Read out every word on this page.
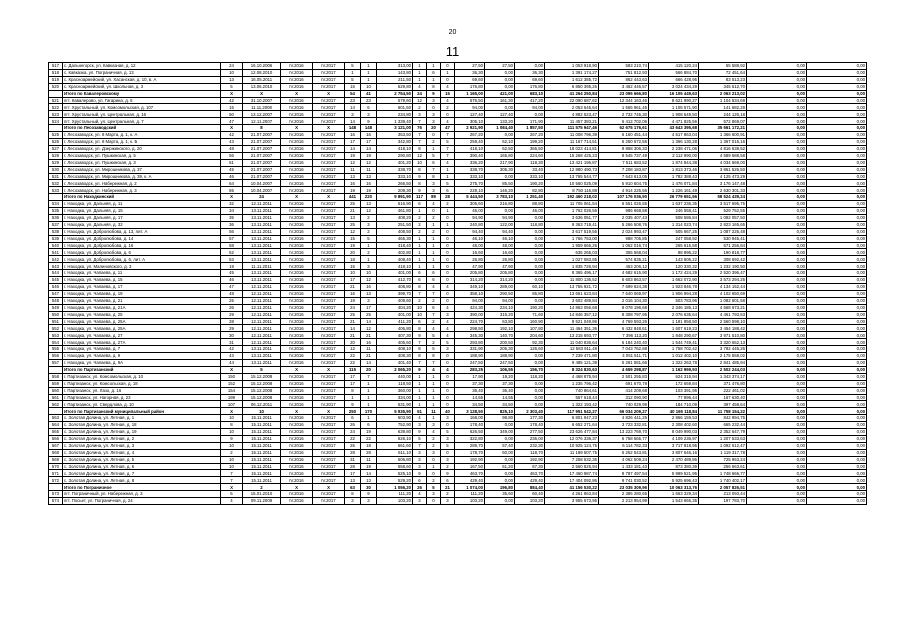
20
11
517	с. Дальнегорск, ул. Кавказная, д. 12	24	16.10.2006	IV.2016	IV.2017	5	1	313,00	1	1	0	27,50	27,50	0,00	1 053 918,90	583 210,74	415 120,24	55 588,92	0,00	0,00
518	с. Кавказка, ул. Пограничная, д. 13	10	12.08.2010	IV.2016	IV.2017	1	1	143,80	1	6	1	36,30	0,00	36,30	1 391 174,27	751 812,93	566 884,70	72 451,64	0,00	0,00
519	с. Красноармейский, ул. Хасанская, д. 10, в. А	13	16.05.2011	IV.2016	IV.2017	5	1	211,50	1	1	0	69,60	0,00	69,60	1 612 385,72	862 443,63	666 428,95	83 513,23	0,00	0,00
520	с. Красноармейский, ул. Школьная, д. 3	5	13.06.2010	IV.2016	IV.2017	15	10	529,80	4	8	4	176,80	0,00	176,80	6 850 395,26	3 462 446,57	3 024 434,29	345 512,70	0,00	0,00
	Итого по Кавалеровскому	X	X	X	X	54	41	2 754,50	24	9	15	1 165,00	421,00	683,10	41 264 250,84	23 095 666,80	16 105 449,63	2 063 213,02	0,00	0,00
521	пгт. Кавалерово, ул. Гагарина, д. 6	42	31.10.2007	IV.2016	IV.2017	23	23	579,60	12	3	4	576,50	161,30	417,20	22 090 687,62	12 344 163,46	8 621 990,27	1 104 534,69	0,00	0,00
522	пгт. Хрустальный, ул. Комсомольская, д. 107	15	11.11.2008	IV.2016	IV.2017	14	6	601,50	2	0	2	94,00	0,00	94,00	2 053 645,64	1 565 961,45	1 105 571,90	141 682,29	0,00	0,00
523	пгт. Хрустальный, ул. Центральная, д. 16	50	13.12.2007	IV.2016	IV.2017	3	3	234,80	3	3	0	127,40	127,40	0,00	4 882 523,47	2 732 745,30	1 908 649,50	244 126,18	0,00	0,00
524	пгт. Хрустальный, ул. Центральная, д. 7	47	12.11.2007	IV.2016	IV.2017	14	9	1 339,40	7	3	4	305,10	133,20	171,90	11 457 383,21	6 412 702,06	4 471 825,56	572 869,07	0,00	0,00
	Итого по Лесозаводский	X	8	X	X	148	148	3 121,00	76	20	47	2 921,90	1 084,40	1 857,50	111 575 947,46	62 675 176,61	43 643 395,68	35 661 172,21	0,00	0,00
525	г. Лесозаводск, ул. 8 Марта, д. 1, к. А	42	21.07.2007	IV.2016	IV.2017	16	16	353,50	7	0	7	267,20	0,00	267,20	11 008 796,39	6 160 451,44	4 517 863,04	1 366 600,91	0,00	0,00
526	г. Лесозаводск, ул. 8 Марта, д. 1, к. Б	43	21.07.2007	IV.2016	IV.2017	17	17	342,80	7	2	5	259,40	62,10	199,20	11 167 714,51	6 250 672,56	1 366 130,28	1 367 016,16	0,00	0,00
527	г. Лесозаводск, ул. Дзержинского, д. 20	48	21.07.2007	IV.2016	IV.2017	14	14	418,10	8	1	7	418,10	62,50	365,50	18 023 414,81	8 868 306,33	2 238 471,06	4 816 638,52	0,00	0,00
528	г. Лесозаводск, ул. Пушкинская, д. 5	56	21.07.2007	IV.2016	IV.2017	19	19	290,80	12	5	7	390,40	165,80	224,60	15 268 425,23	8 545 737,49	2 112 990,00	4 589 688,58	0,00	0,00
529	г. Лесозаводск, ул. Пушкинская, д. 3	51	21.07.2007	IV.2016	IV.2017	12	12	401,20	10	6	4	336,20	217,90	118,30	13 421 196,87	7 511 683,52	1 874 844,38	4 034 669,00	0,00	0,00
530	г. Лесозаводск, ул. Мирошникова, д. 37	45	21.07.2007	IV.2016	IV.2017	11	11	338,70	8	7	1	338,70	305,30	33,40	12 880 490,73	7 208 183,87	1 813 373,46	3 861 526,50	0,00	0,00
531	г. Лесозаводск, ул. Мирошникова, д. 39, к. А	46	21.07.2007	IV.2016	IV.2017	13	13	333,10	9	8	1	333,10	0,00	333,10	13 765 544,77	7 643 613,05	1 782 388,43	4 125 473,29	0,00	0,00
532	г. Лесозаводск, ул. Набережная, д. 2	64	10.04.2007	IV.2016	IV.2017	16	16	266,50	8	3	5	275,70	85,50	190,20	10 560 025,09	5 910 604,75	1 476 071,84	3 176 147,48	0,00	0,00
533	г. Лесозаводск, ул. Набережная, д. 3	65	10.04.2007	IV.2016	IV.2017	19	19	209,30	9	3	6	228,10	146,20	82,80	8 750 116,88	4 914 225,56	1 226 161,49	2 630 301,33	0,00	0,00
	Итого по Находкинский	X	24	X	X	441	220	9 891,90	117	89	28	5 444,50	3 783,10	1 251,40	192 460 218,02	107 176 036,90	26 779 651,56	58 524 439,24	0,00	0,00
534	г. Находка, ул. Дальняя, д. 11	32	12.11.2011	IV.2016	IV.2017	25	13	516,90	6	4	2	305,60	216,80	88,80	11 705 061,54	6 551 026,55	1 637 236,35	3 517 695,75	0,00	0,00
535	г. Находка, ул. Дальняя, д. 15	34	13.11.2011	IV.2016	IV.2017	21	12	461,80	1	0	1	46,00	0,00	46,00	1 762 026,56	986 668,58	246 558,41	529 752,55	0,00	0,00
536	г. Находка, ул. Дальняя, д. 17	35	13.11.2011	IV.2016	IV.2017	13	2	408,20	2	2	0	94,90	94,90	0,00	3 636 051,77	2 035 407,43	508 586,84	1 092 057,50	0,00	0,00
537	г. Находка, ул. Дальняя, д. 32	36	13.11.2011	IV.2016	IV.2017	25	3	251,50	2	1	1	240,80	122,00	118,80	9 363 718,41	5 266 508,76	1 314 023,74	2 823 165,65	0,00	0,00
538	г. Находка, ул. Добролюбова, д. 13, лит. А	56	13.11.2011	IV.2016	IV.2017	12	2	408,50	2	2	0	94,40	94,40	0,00	3 617 519,56	2 024 993,47	505 667,25	1 087 226,48	0,00	0,00
539	г. Находка, ул. Добролюбова, д. 14	57	13.11.2011	IV.2016	IV.2017	15	5	465,30	1	1	0	46,10	46,10	0,00	1 766 753,00	988 705,85	247 058,92	530 945,41	0,00	0,00
540	г. Находка, ул. Добролюбова, д. 16	58	13.11.2011	IV.2016	IV.2017	19	1	418,40	1	1	0	48,00	48,00	0,00	1 959 666,26	1 062 016,74	265 615,88	571 256,84	0,00	0,00
541	г. Находка, ул. Добролюбова, д. 6	52	13.11.2011	IV.2016	IV.2017	20	2	402,80	1	1	0	16,60	16,60	0,00	635 265,03	355 568,04	88 896,22	190 818,77	0,00	0,00
542	г. Находка, ул. Добролюбова, д. 6, лит. А	53	13.11.2011	IV.2016	IV.2017	18	1	408,40	1	1	0	26,80	26,80	0,00	1 027 083,85	574 835,21	143 606,22	308 692,42	0,00	0,00
543	г. Находка, ул. Малиновского, д. 3	19	11.11.2011	IV.2016	IV.2017	15	3	418,10	1	1	0	47,90	47,90	0,00	1 835 726,94	463 206,12	120 330,32	1 232 190,50	0,00	0,00
544	г. Находка, ул. Чапаева, д. 11	45	13.11.2011	IV.2016	IV.2017	10	10	401,00	6	6	0	205,80	205,80	0,00	8 365 496,17	4 682 615,90	1 172 424,29	2 520 396,47	0,00	0,00
545	г. Находка, ул. Чапаева, д. 15	46	13.11.2011	IV.2016	IV.2017	17	12	412,70	6	6	0	314,20	314,20	0,00	11 800 136,52	6 603 863,57	1 662 072,90	3 573 294,25	0,00	0,00
546	г. Находка, ул. Чапаева, д. 17	47	12.11.2011	IV.2016	IV.2017	21	16	408,80	8	4	4	349,10	289,00	60,10	13 755 921,72	7 699 624,38	1 923 846,78	4 134 152,44	0,00	0,00
547	г. Находка, ул. Чапаева, д. 19	48	12.11.2011	IV.2016	IV.2017	16	13	399,70	7	7	0	358,10	290,50	85,80	13 651 623,84	7 640 069,97	1 906 994,28	4 102 650,69	0,00	0,00
548	г. Находка, ул. Чапаева, д. 21	25	12.11.2011	IV.2016	IV.2017	19	3	409,60	2	2	0	94,00	94,00	0,00	3 602 489,84	2 016 104,30	503 783,96	1 082 601,58	0,00	0,00
549	г. Находка, ул. Чапаева, д. 21А	26	12.11.2011	IV.2016	IV.2017	24	17	404,20	10	6	4	424,30	234,10	190,20	14 863 056,68	8 078 196,68	2 346 185,13	4 668 673,21	0,00	0,00
550	г. Находка, ул. Чапаева, д. 25	29	12.11.2011	IV.2016	IV.2017	25	25	401,00	10	7	3	390,00	315,20	71,60	14 846 357,12	8 308 797,95	2 076 635,64	4 461 793,53	0,00	0,00
551	г. Находка, ул. Чапаева, д. 25А	28	12.11.2011	IV.2016	IV.2017	21	14	411,20	6	2	4	224,70	63,80	160,90	8 521 049,86	4 769 593,26	1 191 858,50	2 560 598,10	0,00	0,00
552	г. Находка, ул. Чапаева, д. 25А	29	12.11.2011	IV.2016	IV.2017	14	12	406,80	8	4	4	298,50	192,10	107,80	11 464 351,36	6 432 848,61	1 607 619,23	3 454 188,42	0,00	0,00
553	г. Находка, ул. Чапаева, д. 27	30	12.11.2011	IV.2016	IV.2017	21	21	407,30	9	5	4	345,30	140,70	204,60	13 215 693,77	7 396 113,20	1 848 290,67	3 971 510,80	0,00	0,00
554	г. Находка, ул. Чапаева, д. 27А	31	12.11.2011	IV.2016	IV.2017	20	16	405,60	7	2	5	293,80	200,50	92,30	11 040 836,64	6 184 240,40	1 544 749,41	3 320 652,13	0,00	0,00
555	г. Находка, ул. Чапаева, д. 7	42	13.11.2011	IV.2016	IV.2017	12	11	408,10	8	5	3	331,90	205,30	126,60	12 583 911,48	7 043 762,88	1 758 702,42	3 782 445,26	0,00	0,00
556	г. Находка, ул. Чапаева, д. 9	43	13.11.2011	IV.2016	IV.2017	22	21	408,30	8	8	0	188,90	188,90	0,00	7 239 471,80	4 051 511,71	1 012 402,10	2 175 558,02	0,00	0,00
557	г. Находка, ул. Чапаева, д. 9А	44	13.11.2011	IV.2016	IV.2017	22	14	401,40	7	7	0	247,50	247,50	0,00	9 485 121,39	5 281 581,66	1 322 263,78	2 841 485,94	0,00	0,00
	Итого по Партизанский	X	5	X	X	115	20	2 065,20	9	4	4	283,25	106,55	156,70	8 324 830,63	4 659 298,87	1 162 959,93	2 502 244,03	0,00	0,00
558	г. Партизанск, ул. Комсомольская, д. 10	150	15.12.2008	IV.2016	IV.2017	17	7	440,00	1	1	0	17,90	19,20	118,20	4 468 875,94	2 501 255,83	624 315,94	1 343 374,17	0,00	0,00
559	г. Партизанск, ул. Комсольская, д. 18	152	15.12.2008	IV.2016	IV.2017	17	1	118,50	1	1	0	37,30	37,30	0,00	1 235 796,42	691 670,78	172 659,84	371 476,80	0,00	0,00
560	г. Партизанск, ул. Лазо, д. 16	154	15.12.2008	IV.2016	IV.2017	8	1	360,00	1	1	0	36,40	36,40	0,00	740 864,61	414 209,68	103 391,95	222 461,02	0,00	0,00
561	г. Партизанск, ул. Нагорная, д. 23	199	15.12.2008	IV.2016	IV.2017	1	1	334,00	1	1	0	14,55	14,55	0,00	557 618,44	312 090,90	77 896,44	167 630,40	0,00	0,00
562	г. Партизанск, ул. Свердлова, д. 10	107	06.12.2011	IV.2016	IV.2017	9	1	531,90	1	1	0	34,50	34,50	0,00	1 322 193,42	740 029,99	184 710,09	397 458,64	0,00	0,00
	Итого по Партизанский муниципальный район	X	10	X	X	250	170	5 935,90	51	11	40	3 128,50	825,10	2 303,40	117 951 542,27	66 034 209,27	40 165 118,84	11 758 154,22	0,00	0,00
563	с. Золотая Долина, ул. Летная, д. 1	10	15.11.2011	IV.2016	IV.2017	6	1	603,90	4	1	3	168,00	98,80	177,30	6 801 947,23	4 826 441,25	2 866 159,53	842 994,75	0,00	0,00
564	с. Золотая Долина, ул. Летная, д. 18	8	15.11.2011	IV.2016	IV.2017	26	6	752,90	3	3	0	178,40	0,00	178,40	6 652 271,64	3 723 332,81	2 308 402,60	665 232,44	0,00	0,00
565	с. Золотая Долина, ул. Летная, д. 19	10	15.11.2011	IV.2016	IV.2017	24	19	639,80	9	4	5	626,50	349,00	277,50	23 626 477,84	13 223 769,70	8 049 990,03	2 352 647,79	0,00	0,00
566	с. Золотая Долина, ул. Летная, д. 2	9	15.11.2011	IV.2016	IV.2017	22	22	626,10	5	2	3	322,80	0,00	236,00	12 076 336,37	6 758 565,77	4 109 236,97	1 207 533,63	0,00	0,00
567	с. Золотая Долина, ул. Летная, д. 3	10	15.11.2011	IV.2016	IV.2017	26	18	661,60	7	2	5	289,70	57,40	232,30	10 925 124,75	6 114 782,33	3 717 818,95	1 092 512,47	0,00	0,00
568	с. Золотая Долина, ул. Летная, д. 4	2	15.11.2011	IV.2016	IV.2017	28	28	611,10	3	3	0	178,70	60,00	118,70	11 189 507,75	6 262 543,81	3 807 646,16	1 119 317,78	0,00	0,00
569	с. Золотая Долина, ул. Летная, д. 5	10	15.11.2011	IV.2016	IV.2017	31	11	506,80	3	0	3	192,90	0,00	192,90	7 258 532,35	4 062 509,24	2 470 489,86	725 953,24	0,00	0,00
570	с. Золотая Долина, ул. Летная, д. 6	10	15.11.2011	IV.2016	IV.2017	28	19	558,60	3	1	2	167,50	61,20	67,30	2 560 825,94	1 433 181,43	873 380,39	256 663,61	0,00	0,00
571	с. Золотая Долина, ул. Летная, д. 7	7	15.11.2011	IV.2016	IV.2017	17	14	525,10	9	0	9	463,70	0,00	463,70	17 460 987,74	8 787 497,54	5 999 521,95	1 748 666,77	0,00	0,00
572	с. Золотая Долина, ул. Летная, д. 8	7	15.11.2011	IV.2016	IV.2017	13	13	529,20	6	2	6	429,40	0,00	429,40	17 404 092,86	9 741 030,52	5 925 696,43	1 740 402,17	0,00	0,00
	Итого по Пограничное	X	2	X	X	63	30	1 056,20	26	5	21	1 074,00	196,80	884,40	41 156 530,22	23 035 309,96	10 063 313,76	2 057 826,51	0,00	0,00
573	пгт. Пограничный, ул. Набережная, д. 3	5	15.01.2010	IV.2016	IV.2017	8	9	111,20	4	3	2	111,20	35,60	60,40	4 261 863,84	2 385 280,65	1 663 329,34	213 093,44	0,00	0,00
574	пгт. Посьет, ул. Пограничная, д. 24	4	09.11.2009	IV.2016	IV.2017	3	3	103,20	3	0	3	103,20	0,00	103,20	3 955 673,95	2 213 954,99	1 543 665,35	197 783,70	0,00	0,00
